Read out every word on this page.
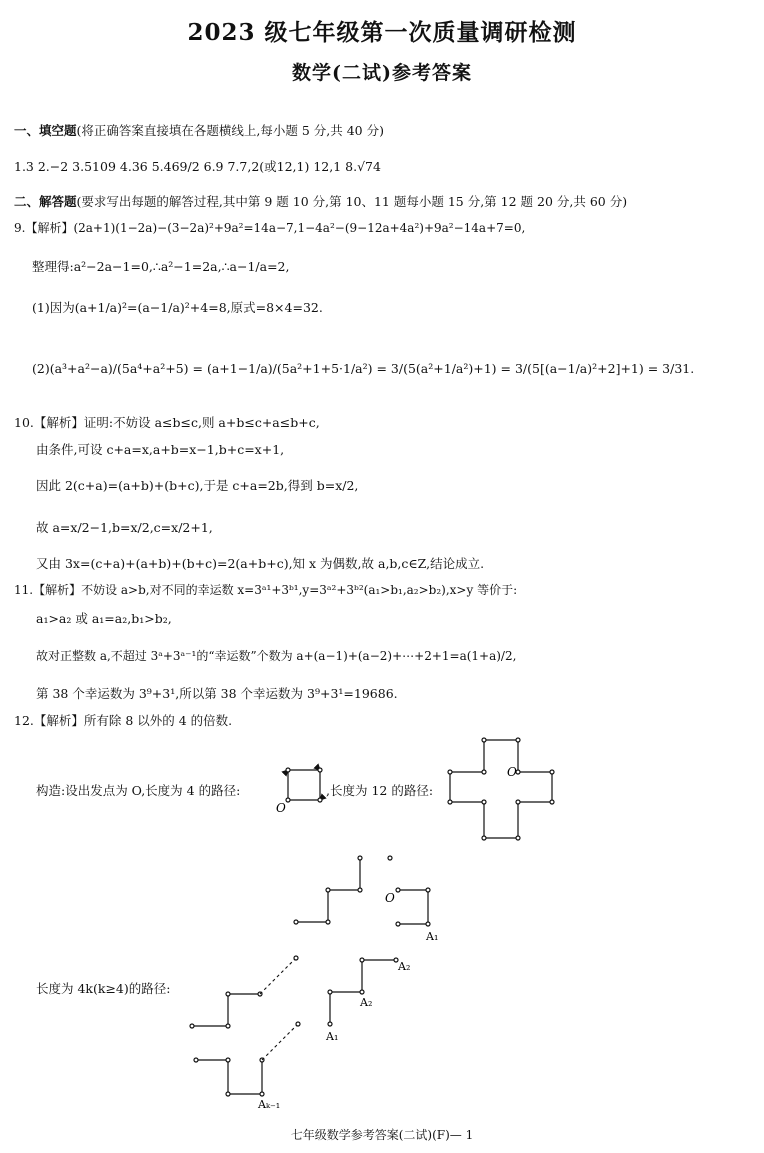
2023 级七年级第一次质量调研检测
数学(二试)参考答案
一、填空题(将正确答案直接填在各题横线上,每小题 5 分,共 40 分)
1.3 2.−2 3.5109 4.36 5.469/2 6.9 7.7,2(或12,1) 12,1 8.√74
二、解答题(要求写出每题的解答过程,其中第 9 题 10 分,第 10、11 题每小题 15 分,第 12 题 20 分,共 60 分)
9.【解析】(2a+1)(1−2a)−(3−2a)²+9a²=14a−7,1−4a²−(9−12a+4a²)+9a²−14a+7=0,
整理得:a²−2a−1=0,∴a²−1=2a,∴a−1/a=2,
(1)因为(a+1/a)²=(a−1/a)²+4=8,原式=8×4=32.
(2)(a³+a²−a)/(5a⁴+a²+5) = (a+1−1/a)/(5a²+1+5·1/a²) = 3/(5(a²+1/a²)+1) = 3/(5[(a−1/a)²+2]+1) = 3/31.
10.【解析】证明:不妨设 a≤b≤c,则 a+b≤c+a≤b+c,
由条件,可设 c+a=x,a+b=x−1,b+c=x+1,
因此 2(c+a)=(a+b)+(b+c),于是 c+a=2b,得到 b=x/2,
故 a=x/2−1,b=x/2,c=x/2+1,
又由 3x=(c+a)+(a+b)+(b+c)=2(a+b+c),知 x 为偶数,故 a,b,c∈Z,结论成立.
11.【解析】不妨设 a>b,对不同的幸运数 x=3ᵃ¹+3ᵇ¹,y=3ᵃ²+3ᵇ²(a₁>b₁,a₂>b₂),x>y 等价于:
a₁>a₂ 或 a₁=a₂,b₁>b₂,
故对正整数 a,不超过 3ᵃ+3ᵃ⁻¹的“幸运数”个数为 a+(a−1)+(a−2)+⋯+2+1=a(1+a)/2,
第 38 个幸运数为 3⁹+3¹,所以第 38 个幸运数为 3⁹+3¹=19686.
12.【解析】所有除 8 以外的 4 的倍数.
构造:设出发点为 O,长度为 4 的路径:	,长度为 12 的路径:
长度为 4k(k≥4)的路径:
O
O
O
A₁
A₂
A₂
A₁
Aₖ₋₁
七年级数学参考答案(二试)(F)— 1
